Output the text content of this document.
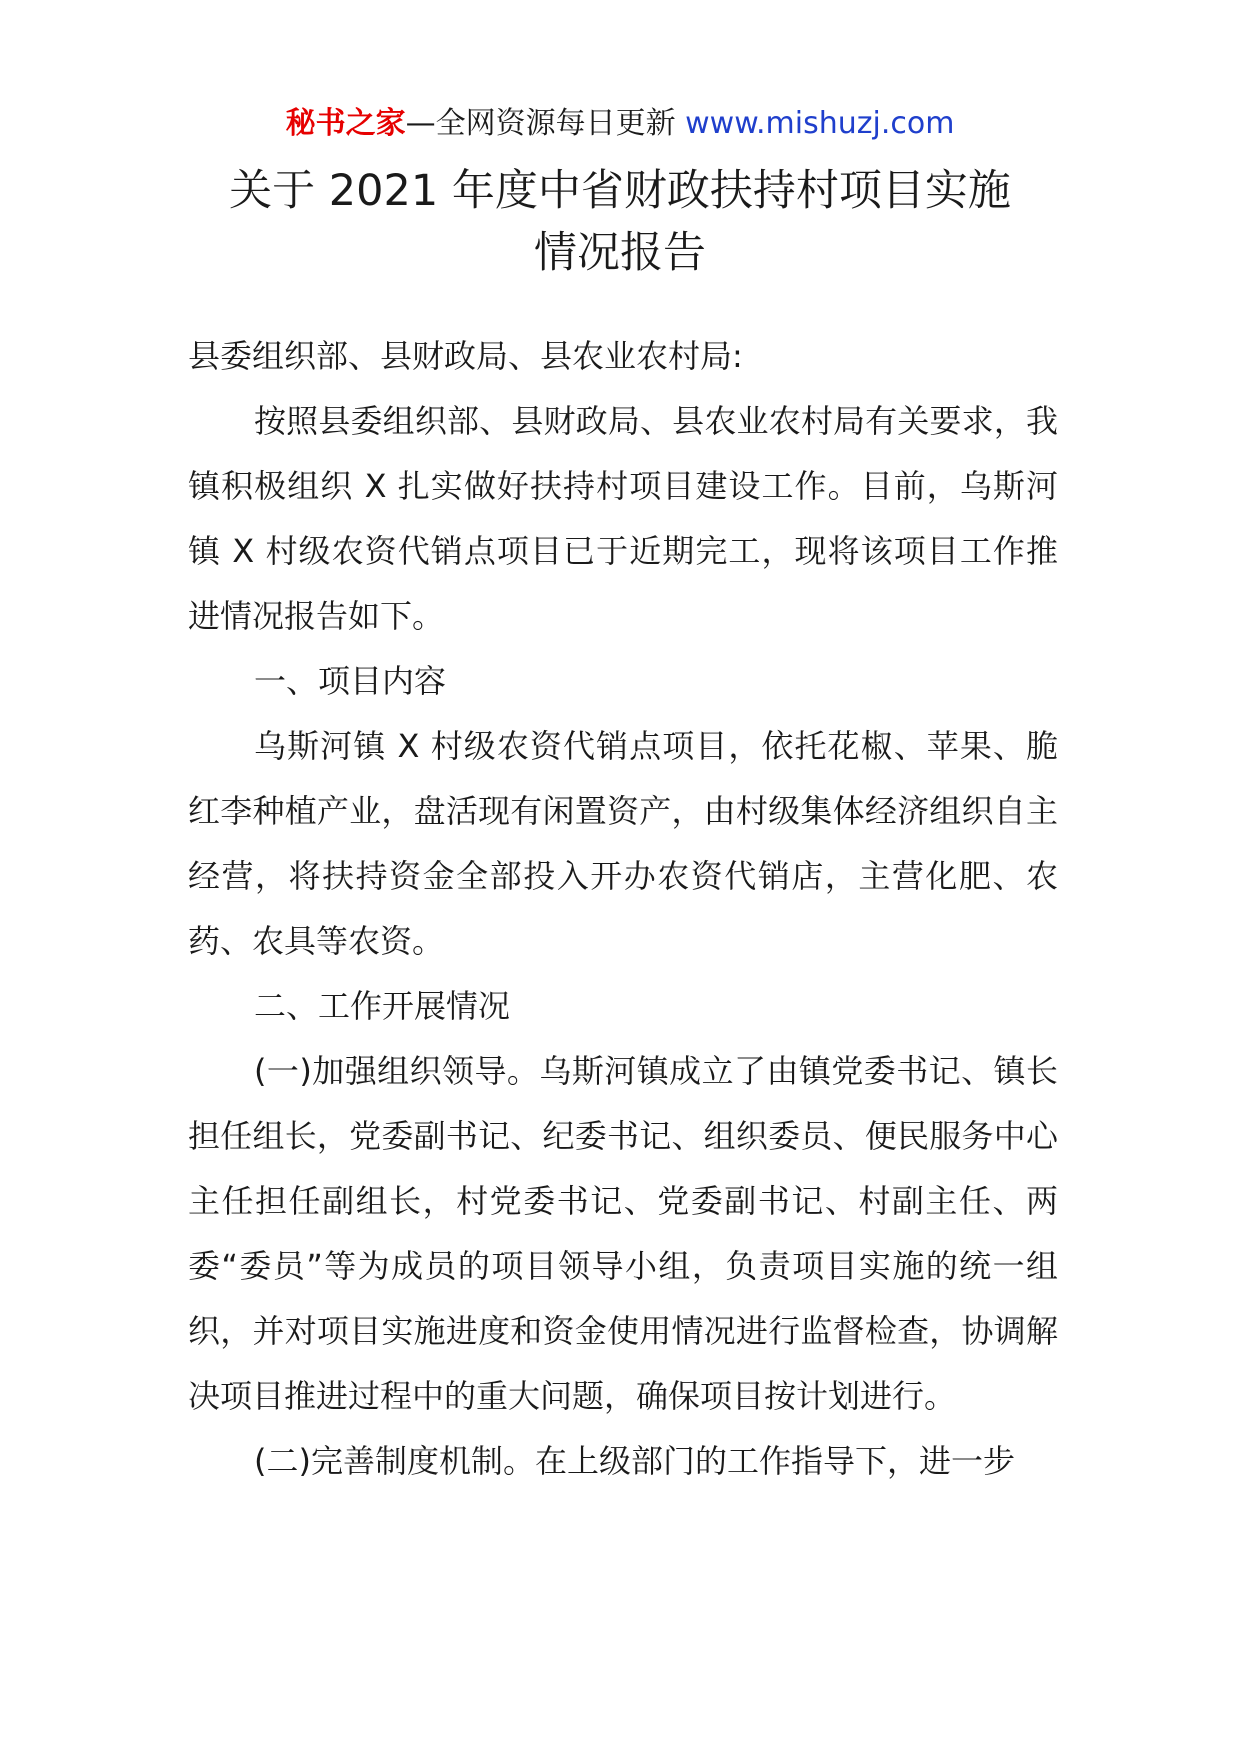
秘书之家—全网资源每日更新 www.mishuzj.com
关于 2021 年度中省财政扶持村项目实施
情况报告

县委组织部、县财政局、县农业农村局:

按照县委组织部、县财政局、县农业农村局有关要求，我镇积极组织 X 扎实做好扶持村项目建设工作。目前，乌斯河镇 X 村级农资代销点项目已于近期完工，现将该项目工作推进情况报告如下。

一、项目内容

乌斯河镇 X 村级农资代销点项目，依托花椒、苹果、脆红李种植产业，盘活现有闲置资产，由村级集体经济组织自主经营，将扶持资金全部投入开办农资代销店，主营化肥、农药、农具等农资。

二、工作开展情况

(一)加强组织领导。乌斯河镇成立了由镇党委书记、镇长担任组长，党委副书记、纪委书记、组织委员、便民服务中心主任担任副组长，村党委书记、党委副书记、村副主任、两委“委员”等为成员的项目领导小组，负责项目实施的统一组织，并对项目实施进度和资金使用情况进行监督检查，协调解决项目推进过程中的重大问题，确保项目按计划进行。

(二)完善制度机制。在上级部门的工作指导下，进一步
